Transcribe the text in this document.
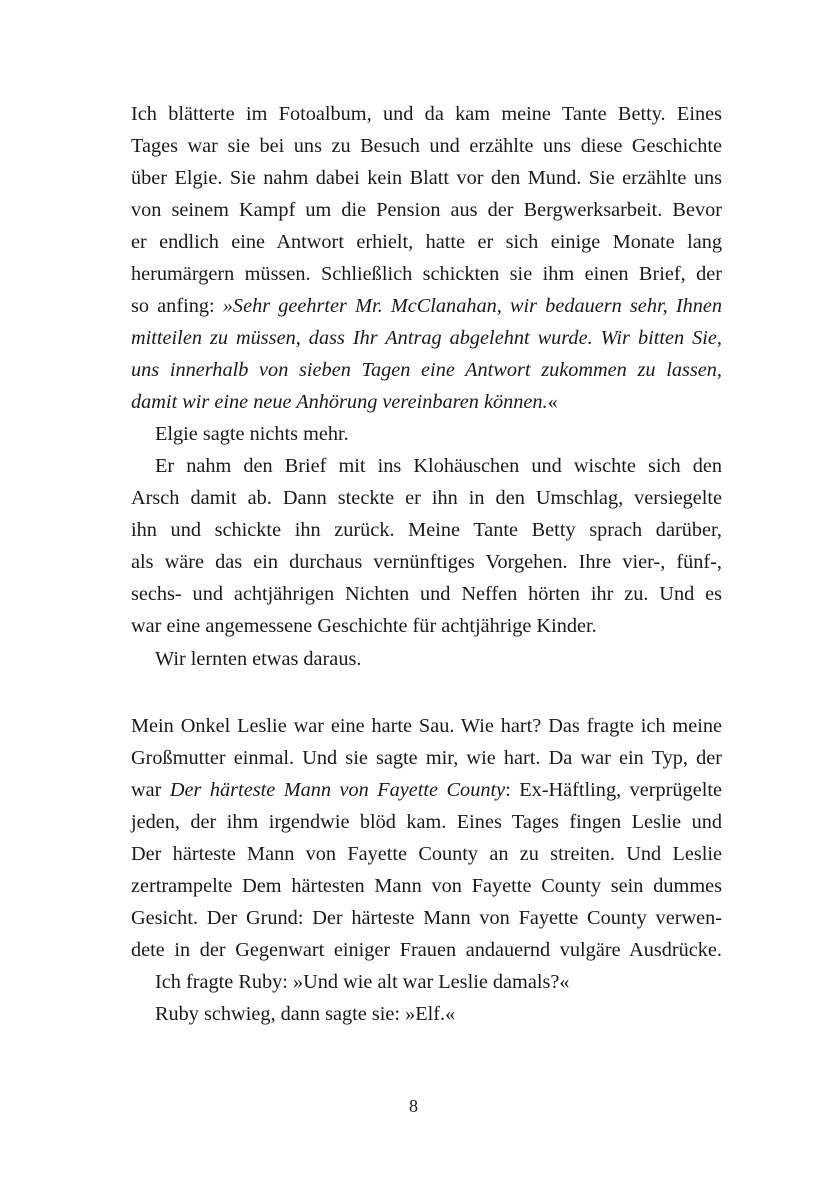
Ich blätterte im Fotoalbum, und da kam meine Tante Betty. Eines
Tages war sie bei uns zu Besuch und erzählte uns diese Geschichte
über Elgie. Sie nahm dabei kein Blatt vor den Mund. Sie erzählte uns
von seinem Kampf um die Pension aus der Bergwerksarbeit. Bevor
er endlich eine Antwort erhielt, hatte er sich einige Monate lang
herumärgern müssen. Schließlich schickten sie ihm einen Brief, der
so anfing: »Sehr geehrter Mr. McClanahan, wir bedauern sehr, Ihnen
mitteilen zu müssen, dass Ihr Antrag abgelehnt wurde. Wir bitten Sie,
uns innerhalb von sieben Tagen eine Antwort zukommen zu lassen,
damit wir eine neue Anhörung vereinbaren können.«
Elgie sagte nichts mehr.
Er nahm den Brief mit ins Klohäuschen und wischte sich den
Arsch damit ab. Dann steckte er ihn in den Umschlag, versiegelte
ihn und schickte ihn zurück. Meine Tante Betty sprach darüber,
als wäre das ein durchaus vernünftiges Vorgehen. Ihre vier-, fünf-,
sechs- und achtjährigen Nichten und Neffen hörten ihr zu. Und es
war eine angemessene Geschichte für achtjährige Kinder.
Wir lernten etwas daraus.
Mein Onkel Leslie war eine harte Sau. Wie hart? Das fragte ich meine
Großmutter einmal. Und sie sagte mir, wie hart. Da war ein Typ, der
war Der härteste Mann von Fayette County: Ex-Häftling, verprügelte
jeden, der ihm irgendwie blöd kam. Eines Tages fingen Leslie und
Der härteste Mann von Fayette County an zu streiten. Und Leslie
zertrampelte Dem härtesten Mann von Fayette County sein dummes
Gesicht. Der Grund: Der härteste Mann von Fayette County verwen-
dete in der Gegenwart einiger Frauen andauernd vulgäre Ausdrücke.
Ich fragte Ruby: »Und wie alt war Leslie damals?«
Ruby schwieg, dann sagte sie: »Elf.«
8
